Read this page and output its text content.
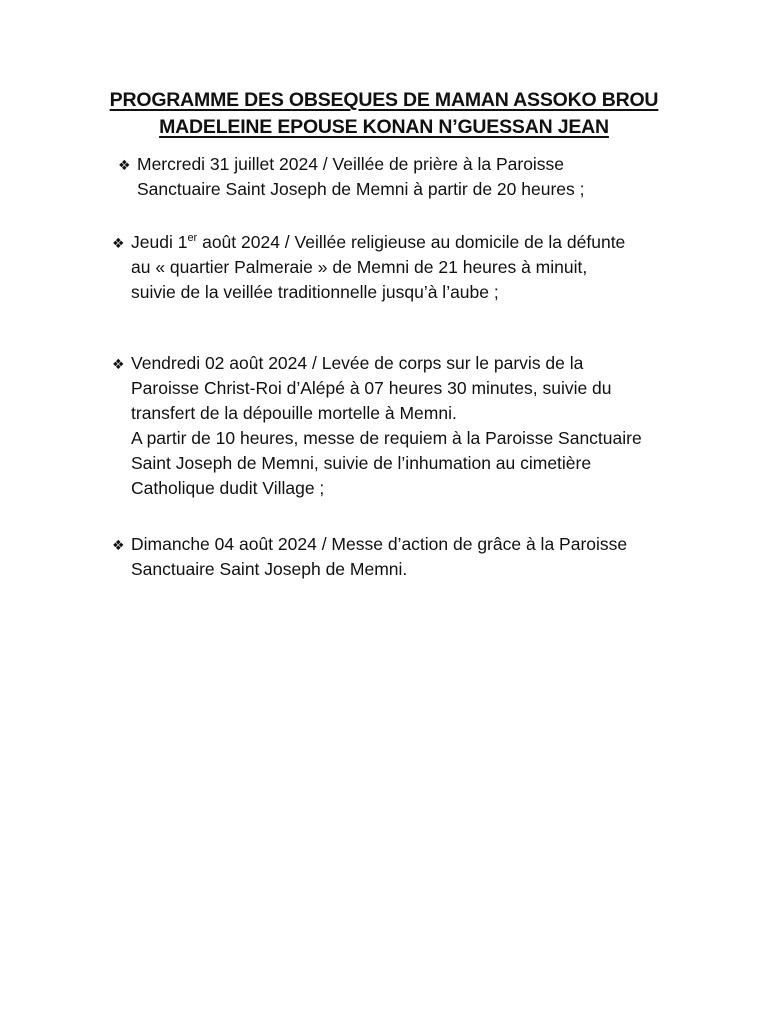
PROGRAMME DES OBSEQUES DE MAMAN ASSOKO BROU
MADELEINE EPOUSE KONAN N’GUESSAN JEAN
❖ Mercredi 31 juillet 2024 / Veillée de prière à la Paroisse
Sanctuaire Saint Joseph de Memni à partir de 20 heures ;
❖ Jeudi 1er août 2024 / Veillée religieuse au domicile de la défunte
au « quartier Palmeraie » de Memni de 21 heures à minuit,
suivie de la veillée traditionnelle jusqu’à l’aube ;
❖ Vendredi 02 août 2024 / Levée de corps sur le parvis de la
Paroisse Christ-Roi d’Alépé à 07 heures 30 minutes, suivie du
transfert de la dépouille mortelle à Memni.
A partir de 10 heures, messe de requiem à la Paroisse Sanctuaire
Saint Joseph de Memni, suivie de l’inhumation au cimetière
Catholique dudit Village ;
❖ Dimanche 04 août 2024 / Messe d’action de grâce à la Paroisse
Sanctuaire Saint Joseph de Memni.
